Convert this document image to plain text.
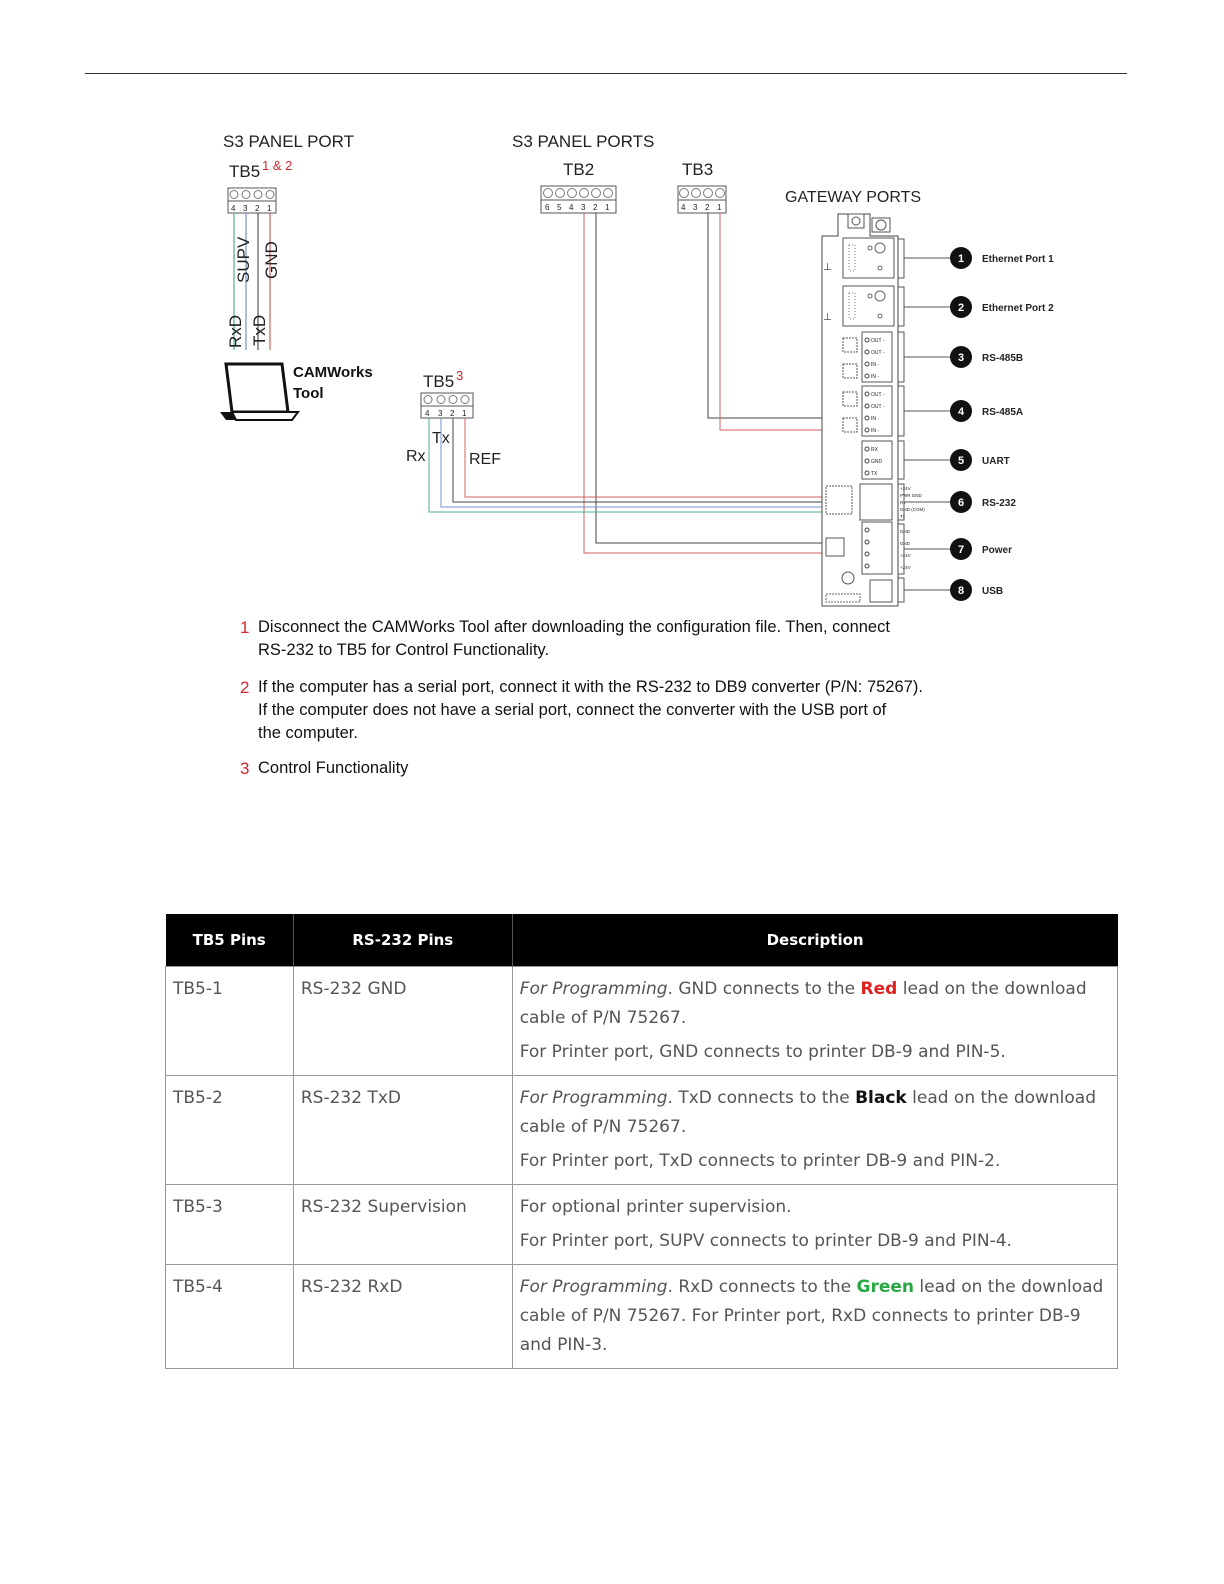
S3 PANEL PORT	S3 PANEL PORTS
GATEWAY PORTS
TB5 1 & 2	TB2	TB3
4 3 2 1
SUPV GND
RxD TxD
CAMWorks
Tool
6 5 4 3 2 1	4 3 2 1
TB5 3
4 3 2 1
Tx
Rx	REF
⊥
⊥
OUT -
OUT -
IN -
IN -
OUT -
OUT -
IN -
IN -
RX
GND
TX
+24V
PWR GND
Rx
GND (COM)
Tx
GND
GND
+24V
+24V
1 Ethernet Port 1
2 Ethernet Port 2
3 RS-485B
4 RS-485A
5 UART
6 RS-232
7 Power
8 USB
1 Disconnect the CAMWorks Tool after downloading the configuration file. Then, connect

RS-232 to TB5 for Control Functionality.

2 If the computer has a serial port, connect it with the RS-232 to DB9 converter (P/N: 75267).

If the computer does not have a serial port, connect the converter with the USB port of

the computer.

3 Control Functionality

TB5 Pins	RS-232 Pins	Description
TB5-1	RS-232 GND	For Programming. GND connects to the Red lead on the download cable of P/N 75267.

For Printer port, GND connects to printer DB-9 and PIN-5.

TB5-2	RS-232 TxD	For Programming. TxD connects to the Black lead on the download cable of P/N 75267.

For Printer port, TxD connects to printer DB-9 and PIN-2.

TB5-3	RS-232 Supervision	For optional printer supervision.

For Printer port, SUPV connects to printer DB-9 and PIN-4.

TB5-4	RS-232 RxD	For Programming. RxD connects to the Green lead on the download cable of P/N 75267. For Printer port, RxD connects to printer DB-9 and PIN-3.
